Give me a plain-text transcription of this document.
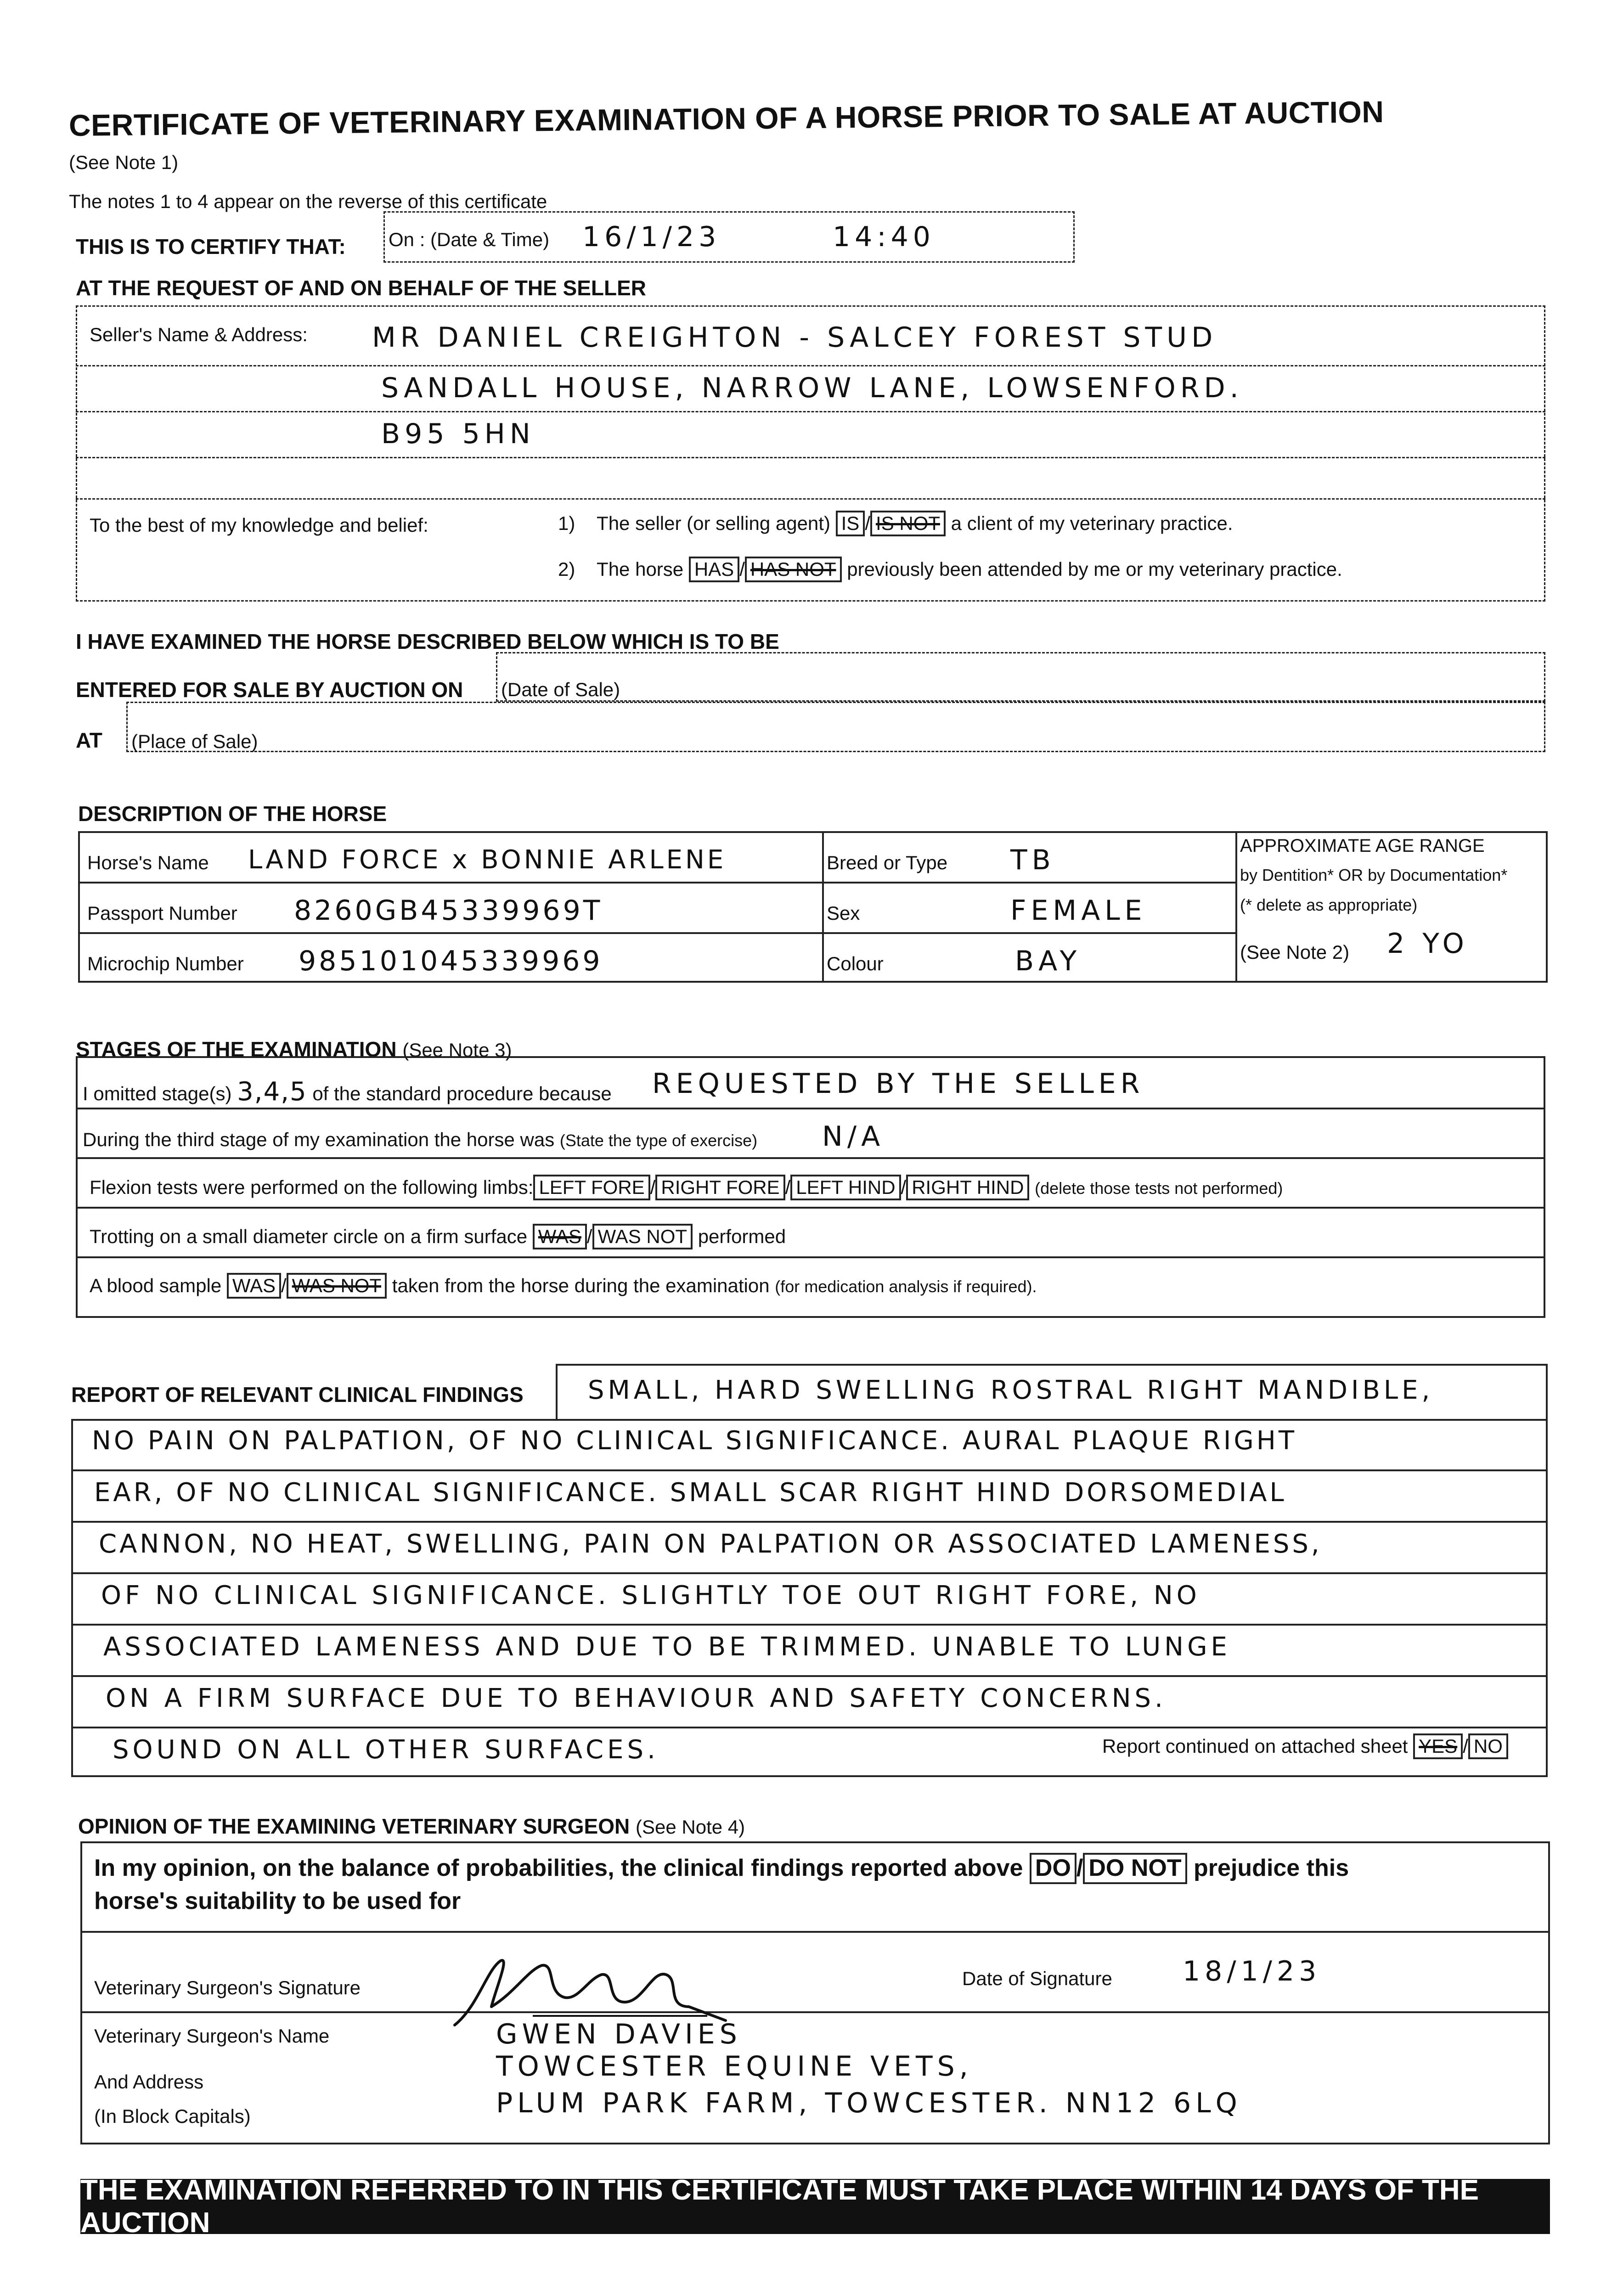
CERTIFICATE OF VETERINARY EXAMINATION OF A HORSE PRIOR TO SALE AT AUCTION
(See Note 1)
The notes 1 to 4 appear on the reverse of this certificate
THIS IS TO CERTIFY THAT: On : (Date & Time) 16/1/23	14:40
AT THE REQUEST OF AND ON BEHALF OF THE SELLER
Seller's Name & Address: MR DANIEL CREIGHTON - SALCEY FOREST STUD
SANDALL HOUSE, NARROW LANE, LOWSENFORD.
B95 5HN
To the best of my knowledge and belief:	1) The seller (or selling agent) IS / IS NOT a client of my veterinary practice.
2) The horse HAS / HAS NOT previously been attended by me or my veterinary practice.
I HAVE EXAMINED THE HORSE DESCRIBED BELOW WHICH IS TO BE
ENTERED FOR SALE BY AUCTION ON (Date of Sale)
AT (Place of Sale)
DESCRIPTION OF THE HORSE
Horse's Name LAND FORCE x BONNIE ARLENE
Passport Number 8260GB45339969T
Microchip Number 985101045339969
Breed or Type TB
Sex	FEMALE
Colour	BAY
APPROXIMATE AGE RANGE
by Dentition* OR by Documentation*
(* delete as appropriate)
(See Note 2) 2 YO
STAGES OF THE EXAMINATION (See Note 3)
I omitted stage(s) 3,4,5 of the standard procedure because REQUESTED BY THE SELLER
During the third stage of my examination the horse was (State the type of exercise) N/A
Flexion tests were performed on the following limbs: LEFT FORE / RIGHT FORE / LEFT HIND / RIGHT HIND (delete those tests not performed)
Trotting on a small diameter circle on a firm surface WAS / WAS NOT performed
A blood sample WAS / WAS NOT taken from the horse during the examination (for medication analysis if required).
REPORT OF RELEVANT CLINICAL FINDINGS	SMALL, HARD SWELLING ROSTRAL RIGHT MANDIBLE,
NO PAIN ON PALPATION, OF NO CLINICAL SIGNIFICANCE. AURAL PLAQUE RIGHT
EAR, OF NO CLINICAL SIGNIFICANCE. SMALL SCAR RIGHT HIND DORSOMEDIAL
CANNON, NO HEAT, SWELLING, PAIN ON PALPATION OR ASSOCIATED LAMENESS,
OF NO CLINICAL SIGNIFICANCE. SLIGHTLY TOE OUT RIGHT FORE, NO
ASSOCIATED LAMENESS AND DUE TO BE TRIMMED. UNABLE TO LUNGE
ON A FIRM SURFACE DUE TO BEHAVIOUR AND SAFETY CONCERNS.
SOUND ON ALL OTHER SURFACES.	Report continued on attached sheet YES / NO
OPINION OF THE EXAMINING VETERINARY SURGEON (See Note 4)
In my opinion, on the balance of probabilities, the clinical findings reported above DO / DO NOT prejudice this
horse's suitability to be used for
Veterinary Surgeon's Signature	Date of Signature	18/1/23
Veterinary Surgeon's Name
And Address
(In Block Capitals)
GWEN DAVIES
TOWCESTER EQUINE VETS,
PLUM PARK FARM, TOWCESTER. NN12 6LQ
THE EXAMINATION REFERRED TO IN THIS CERTIFICATE MUST TAKE PLACE WITHIN 14 DAYS OF THE AUCTION
